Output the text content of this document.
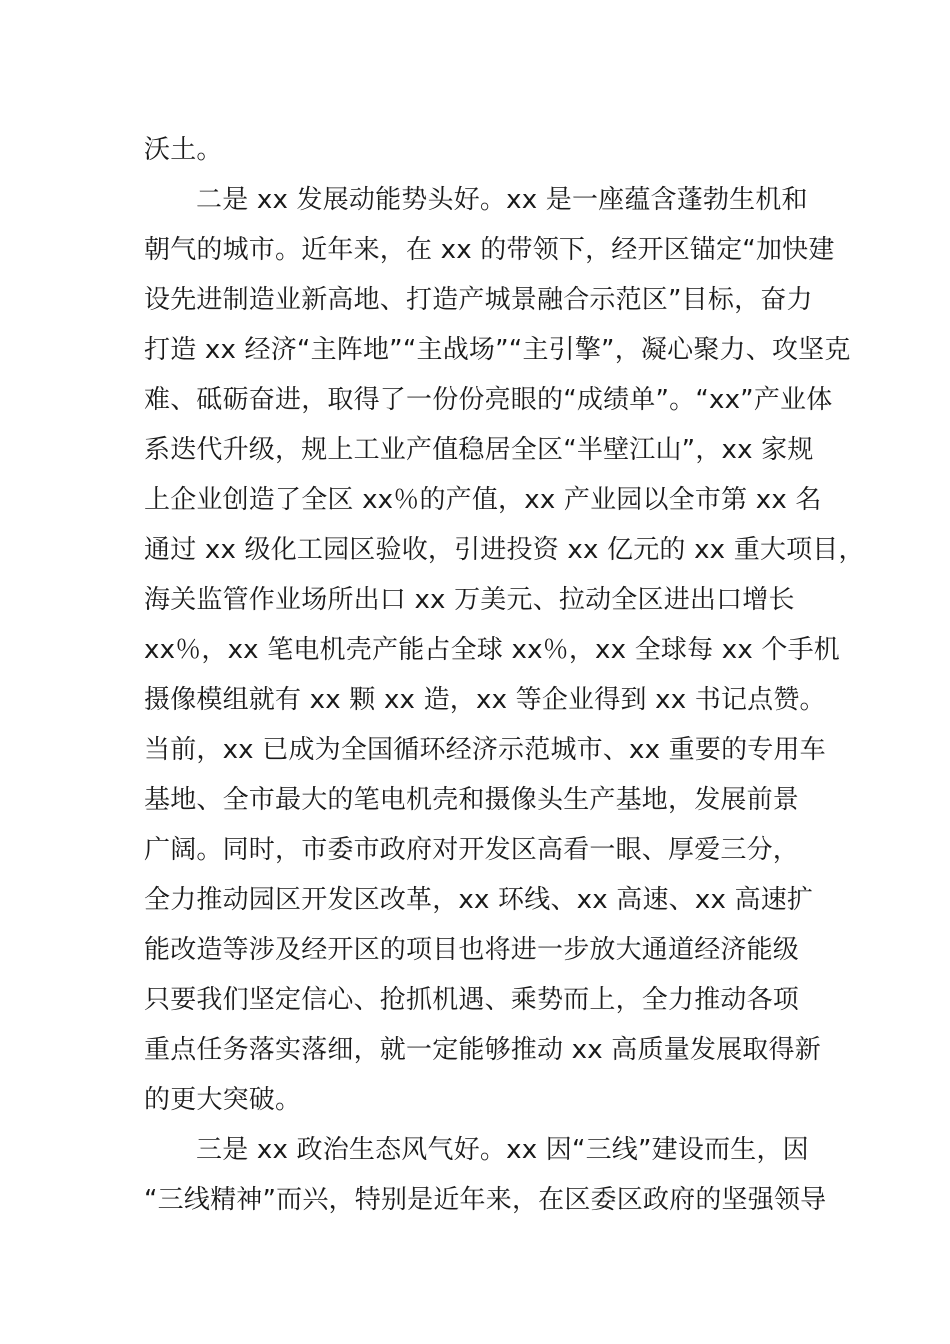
沃土。
二是 xx 发展动能势头好。xx 是一座蕴含蓬勃生机和
朝气的城市。近年来，在 xx 的带领下，经开区锚定“加快建
设先进制造业新高地、打造产城景融合示范区”目标，奋力
打造 xx 经济“主阵地”“主战场”“主引擎”，凝心聚力、攻坚克
难、砥砺奋进，取得了一份份亮眼的“成绩单”。“xx”产业体
系迭代升级，规上工业产值稳居全区“半壁江山”，xx 家规
上企业创造了全区 xx％的产值，xx 产业园以全市第 xx 名
通过 xx 级化工园区验收，引进投资 xx 亿元的 xx 重大项目，
海关监管作业场所出口 xx 万美元、拉动全区进出口增长
xx％，xx 笔电机壳产能占全球 xx％，xx 全球每 xx 个手机
摄像模组就有 xx 颗 xx 造，xx 等企业得到 xx 书记点赞。
当前，xx 已成为全国循环经济示范城市、xx 重要的专用车
基地、全市最大的笔电机壳和摄像头生产基地，发展前景
广阔。同时，市委市政府对开发区高看一眼、厚爱三分，
全力推动园区开发区改革，xx 环线、xx 高速、xx 高速扩
能改造等涉及经开区的项目也将进一步放大通道经济能级
只要我们坚定信心、抢抓机遇、乘势而上，全力推动各项
重点任务落实落细，就一定能够推动 xx 高质量发展取得新
的更大突破。
三是 xx 政治生态风气好。xx 因“三线”建设而生，因
“三线精神”而兴，特别是近年来，在区委区政府的坚强领导
